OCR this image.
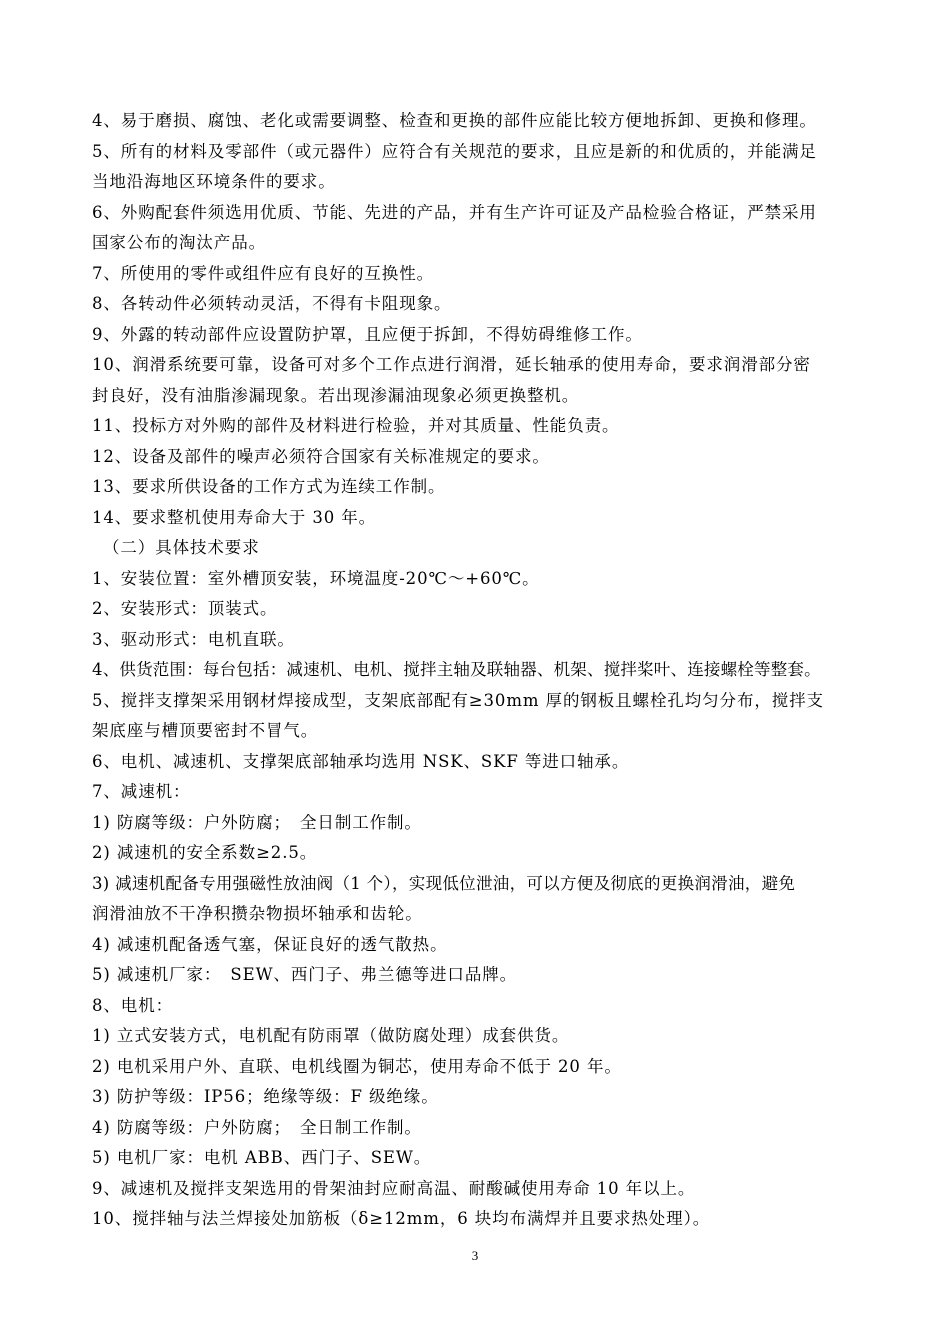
4、易于磨损、腐蚀、老化或需要调整、检查和更换的部件应能比较方便地拆卸、更换和修理。
5、所有的材料及零部件（或元器件）应符合有关规范的要求，且应是新的和优质的，并能满足
当地沿海地区环境条件的要求。
6、外购配套件须选用优质、节能、先进的产品，并有生产许可证及产品检验合格证，严禁采用
国家公布的淘汰产品。
7、所使用的零件或组件应有良好的互换性。
8、各转动件必须转动灵活，不得有卡阻现象。
9、外露的转动部件应设置防护罩，且应便于拆卸，不得妨碍维修工作。
10、润滑系统要可靠，设备可对多个工作点进行润滑，延长轴承的使用寿命，要求润滑部分密
封良好，没有油脂渗漏现象。若出现渗漏油现象必须更换整机。
11、投标方对外购的部件及材料进行检验，并对其质量、性能负责。
12、设备及部件的噪声必须符合国家有关标准规定的要求。
13、要求所供设备的工作方式为连续工作制。
14、要求整机使用寿命大于 30 年。
（二）具体技术要求
1、安装位置：室外槽顶安装，环境温度-20℃～+60℃。
2、安装形式：顶装式。
3、驱动形式：电机直联。
4、供货范围：每台包括：减速机、电机、搅拌主轴及联轴器、机架、搅拌桨叶、连接螺栓等整套。
5、搅拌支撑架采用钢材焊接成型，支架底部配有≥30mm 厚的钢板且螺栓孔均匀分布，搅拌支
架底座与槽顶要密封不冒气。
6、电机、减速机、支撑架底部轴承均选用 NSK、SKF 等进口轴承。
7、减速机：
1) 防腐等级：户外防腐；　全日制工作制。
2) 减速机的安全系数≥2.5。
3) 减速机配备专用强磁性放油阀（1 个），实现低位泄油，可以方便及彻底的更换润滑油，避免
润滑油放不干净积攒杂物损坏轴承和齿轮。
4) 减速机配备透气塞，保证良好的透气散热。
5) 减速机厂家：　SEW、西门子、弗兰德等进口品牌。
8、电机：
1) 立式安装方式，电机配有防雨罩（做防腐处理）成套供货。
2) 电机采用户外、直联、电机线圈为铜芯，使用寿命不低于 20 年。
3) 防护等级：IP56；绝缘等级：F 级绝缘。
4) 防腐等级：户外防腐；　全日制工作制。
5) 电机厂家：电机 ABB、西门子、SEW。
9、减速机及搅拌支架选用的骨架油封应耐高温、耐酸碱使用寿命 10 年以上。
10、搅拌轴与法兰焊接处加筋板（δ≥12mm，6 块均布满焊并且要求热处理）。
3
